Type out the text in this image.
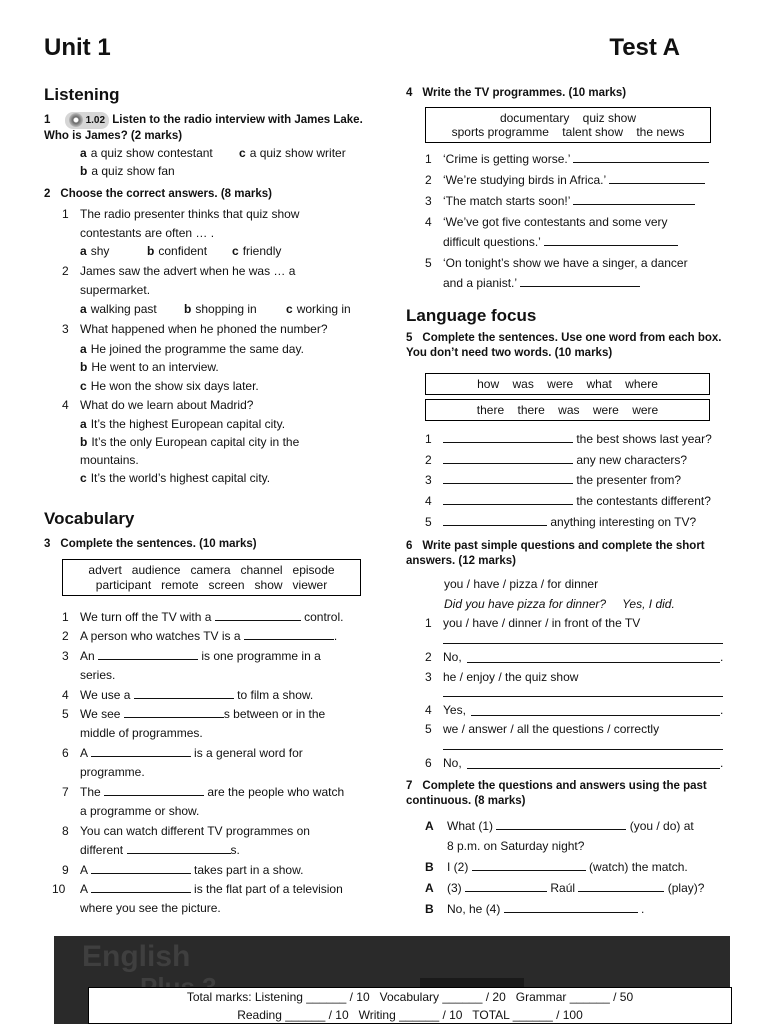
Unit 1	Test A
Listening
1	1.02 Listen to the radio interview with James Lake. Who is James? (2 marks)
a a quiz show contestant c a quiz show writer
b a quiz show fan
2 Choose the correct answers. (8 marks)
1 The radio presenter thinks that quiz show
contestants are often … .
a shy	b confident c friendly
2 James saw the advert when he was … a
supermarket.
a walking past b shopping in c working in
3 What happened when he phoned the number?
a He joined the programme the same day.
b He went to an interview.
c He won the show six days later.
4 What do we learn about Madrid?
a It’s the highest European capital city.
b It’s the only European capital city in the
mountains.
c It’s the world’s highest capital city.
Vocabulary
3 Complete the sentences. (10 marks)
advert   audience   camera   channel   episode
participant   remote   screen   show   viewer
1 We turn off the TV with a	control.
2 A person who watches TV is a	.
3 An	is one programme in a
series.
4 We use a	to film a show.
5 We see	s between or in the
middle of programmes.
6 A	is a general word for
programme.
7 The	are the people who watch
a programme or show.
8 You can watch different TV programmes on
different	s.
9 A	takes part in a show.
10 A	is the flat part of a television
where you see the picture.
4 Write the TV programmes. (10 marks)
documentary    quiz show
sports programme    talent show    the news
1 ‘Crime is getting worse.’
2 ‘We’re studying birds in Africa.’
3 ‘The match starts soon!’
4 ‘We’ve got five contestants and some very
difficult questions.’
5 ‘On tonight’s show we have a singer, a dancer
and a pianist.’
Language focus
5 Complete the sentences. Use one word from each box. You don’t need two words. (10 marks)
how    was    were    what    where
there    there    was    were    were
1	the best shows last year?
2	any new characters?
3	the presenter from?
4	the contestants different?
5	anything interesting on TV?
6 Write past simple questions and complete the short answers. (12 marks)
you / have / pizza / for dinner
Did you have pizza for dinner? Yes, I did.
1 you / have / dinner / in front of the TV
2 No,	.
3 he / enjoy / the quiz show
4 Yes,	.
5 we / answer / all the questions / correctly
6 No,	.
7 Complete the questions and answers using the past continuous. (8 marks)
A What (1)	(you / do) at
8 p.m. on Saturday night?
B I (2)	(watch) the match.
A (3)	Raúl	(play)?
B No, he (4)	.
English
Total marks: Listening ______ / 10   Vocabulary ______ / 20   Grammar ______ / 50
Reading ______ / 10   Writing ______ / 10   TOTAL ______ / 100
